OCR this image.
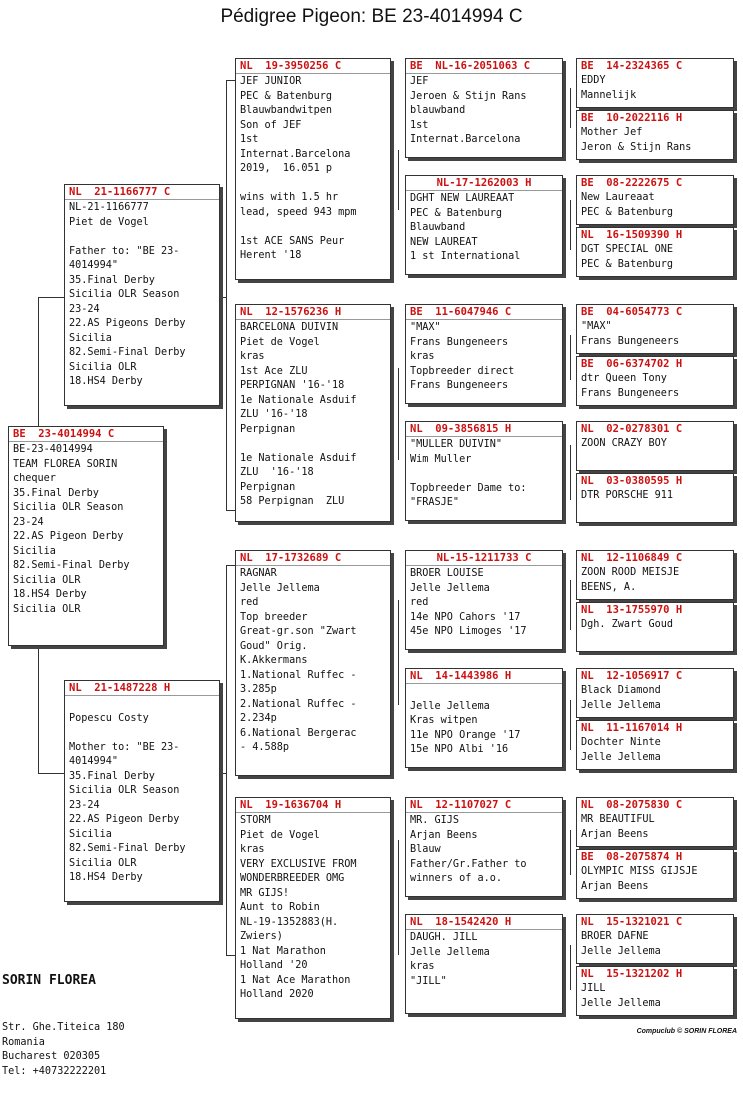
Pédigree Pigeon: BE 23-4014994 C
BE  23-4014994 C
BE-23-4014994
TEAM FLOREA SORIN
chequer
35.Final Derby
Sicilia OLR Season
23-24
22.AS Pigeon Derby
Sicilia
82.Semi-Final Derby
Sicilia OLR
18.HS4 Derby
Sicilia OLR
NL  21-1166777 C
NL-21-1166777
Piet de Vogel

Father to: "BE 23-
4014994"
35.Final Derby
Sicilia OLR Season
23-24
22.AS Pigeons Derby
Sicilia
82.Semi-Final Derby
Sicilia OLR
18.HS4 Derby
NL  21-1487228 H

Popescu Costy

Mother to: "BE 23-
4014994"
35.Final Derby
Sicilia OLR Season
23-24
22.AS Pigeon Derby
Sicilia
82.Semi-Final Derby
Sicilia OLR
18.HS4 Derby
NL  19-3950256 C
JEF JUNIOR
PEC & Batenburg
Blauwbandwitpen
Son of JEF
1st
Internat.Barcelona
2019,  16.051 p

wins with 1.5 hr
lead, speed 943 mpm

1st ACE SANS Peur
Herent '18
NL  12-1576236 H
BARCELONA DUIVIN
Piet de Vogel
kras
1st Ace ZLU
PERPIGNAN '16-'18
1e Nationale Asduif
ZLU '16-'18
Perpignan

1e Nationale Asduif
ZLU  '16-'18
Perpignan
58 Perpignan  ZLU
NL  17-1732689 C
RAGNAR
Jelle Jellema
red
Top breeder
Great-gr.son "Zwart
Goud" Orig.
K.Akkermans
1.National Ruffec -
3.285p
2.National Ruffec -
2.234p
6.National Bergerac
- 4.588p
NL  19-1636704 H
STORM
Piet de Vogel
kras
VERY EXCLUSIVE FROM
WONDERBREEDER OMG
MR GIJS!
Aunt to Robin
NL-19-1352883(H.
Zwiers)
1 Nat Marathon
Holland '20
1 Nat Ace Marathon
Holland 2020
BE  NL-16-2051063 C
JEF
Jeroen & Stijn Rans
blauwband
1st
Internat.Barcelona
NL-17-1262003 H
DGHT NEW LAUREAAT
PEC & Batenburg
Blauwband
NEW LAUREAT
1 st International
BE  11-6047946 C
"MAX"
Frans Bungeneers
kras
Topbreeder direct
Frans Bungeneers
NL  09-3856815 H
"MULLER DUIVIN"
Wim Muller

Topbreeder Dame to:
"FRASJE"
NL-15-1211733 C
BROER LOUISE
Jelle Jellema
red
14e NPO Cahors '17
45e NPO Limoges '17
NL  14-1443986 H

Jelle Jellema
Kras witpen
11e NPO Orange '17
15e NPO Albi '16
NL  12-1107027 C
MR. GIJS
Arjan Beens
Blauw
Father/Gr.Father to
winners of a.o.
NL  18-1542420 H
DAUGH. JILL
Jelle Jellema
kras
"JILL"
BE  14-2324365 C
EDDY
Mannelijk
BE  10-2022116 H
Mother Jef
Jeron & Stijn Rans
BE  08-2222675 C
New Laureaat
PEC & Batenburg
NL  16-1509390 H
DGT SPECIAL ONE
PEC & Batenburg
BE  04-6054773 C
"MAX"
Frans Bungeneers
BE  06-6374702 H
dtr Queen Tony
Frans Bungeneers
NL  02-0278301 C
ZOON CRAZY BOY
NL  03-0380595 H
DTR PORSCHE 911
NL  12-1106849 C
ZOON ROOD MEISJE
BEENS, A.
NL  13-1755970 H
Dgh. Zwart Goud
NL  12-1056917 C
Black Diamond
Jelle Jellema
NL  11-1167014 H
Dochter Ninte
Jelle Jellema
NL  08-2075830 C
MR BEAUTIFUL
Arjan Beens
BE  08-2075874 H
OLYMPIC MISS GIJSJE
Arjan Beens
NL  15-1321021 C
BROER DAFNE
Jelle Jellema
NL  15-1321202 H
JILL
Jelle Jellema

SORIN FLOREA

Str. Ghe.Titeica 180
Romania
Bucharest 020305
Tel: +40732222201

Compuclub © SORIN FLOREA
